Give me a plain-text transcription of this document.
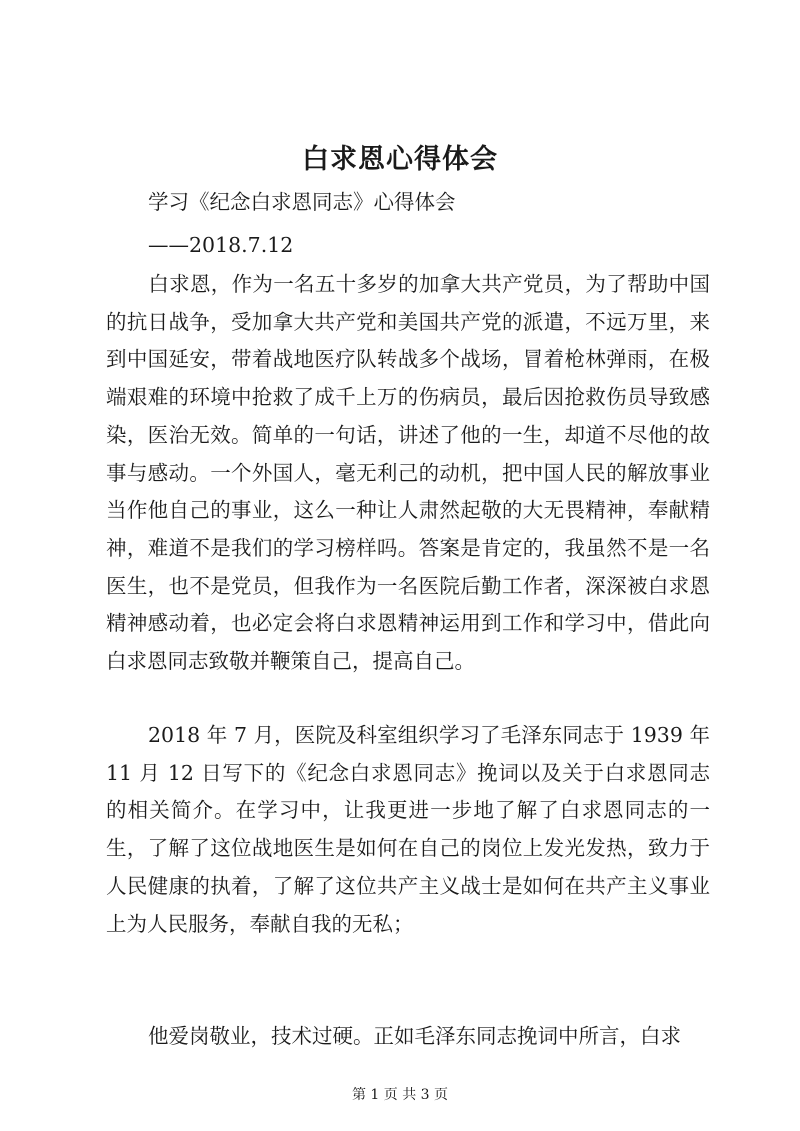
白求恩心得体会
学习《纪念白求恩同志》心得体会
——2018.7.12

白求恩，作为一名五十多岁的加拿大共产党员，为了帮助中国的抗日战争，受加拿大共产党和美国共产党的派遣，不远万里，来到中国延安，带着战地医疗队转战多个战场，冒着枪林弹雨，在极端艰难的环境中抢救了成千上万的伤病员，最后因抢救伤员导致感染，医治无效。简单的一句话，讲述了他的一生，却道不尽他的故事与感动。一个外国人，毫无利己的动机，把中国人民的解放事业当作他自己的事业，这么一种让人肃然起敬的大无畏精神，奉献精神，难道不是我们的学习榜样吗。答案是肯定的，我虽然不是一名医生，也不是党员，但我作为一名医院后勤工作者，深深被白求恩精神感动着，也必定会将白求恩精神运用到工作和学习中，借此向白求恩同志致敬并鞭策自己，提高自己。

2018 年 7 月，医院及科室组织学习了毛泽东同志于 1939 年 11 月 12 日写下的《纪念白求恩同志》挽词以及关于白求恩同志的相关简介。在学习中，让我更进一步地了解了白求恩同志的一生，了解了这位战地医生是如何在自己的岗位上发光发热，致力于人民健康的执着，了解了这位共产主义战士是如何在共产主义事业上为人民服务，奉献自我的无私；

他爱岗敬业，技术过硬。正如毛泽东同志挽词中所言，白求

第 1 页 共 3 页
